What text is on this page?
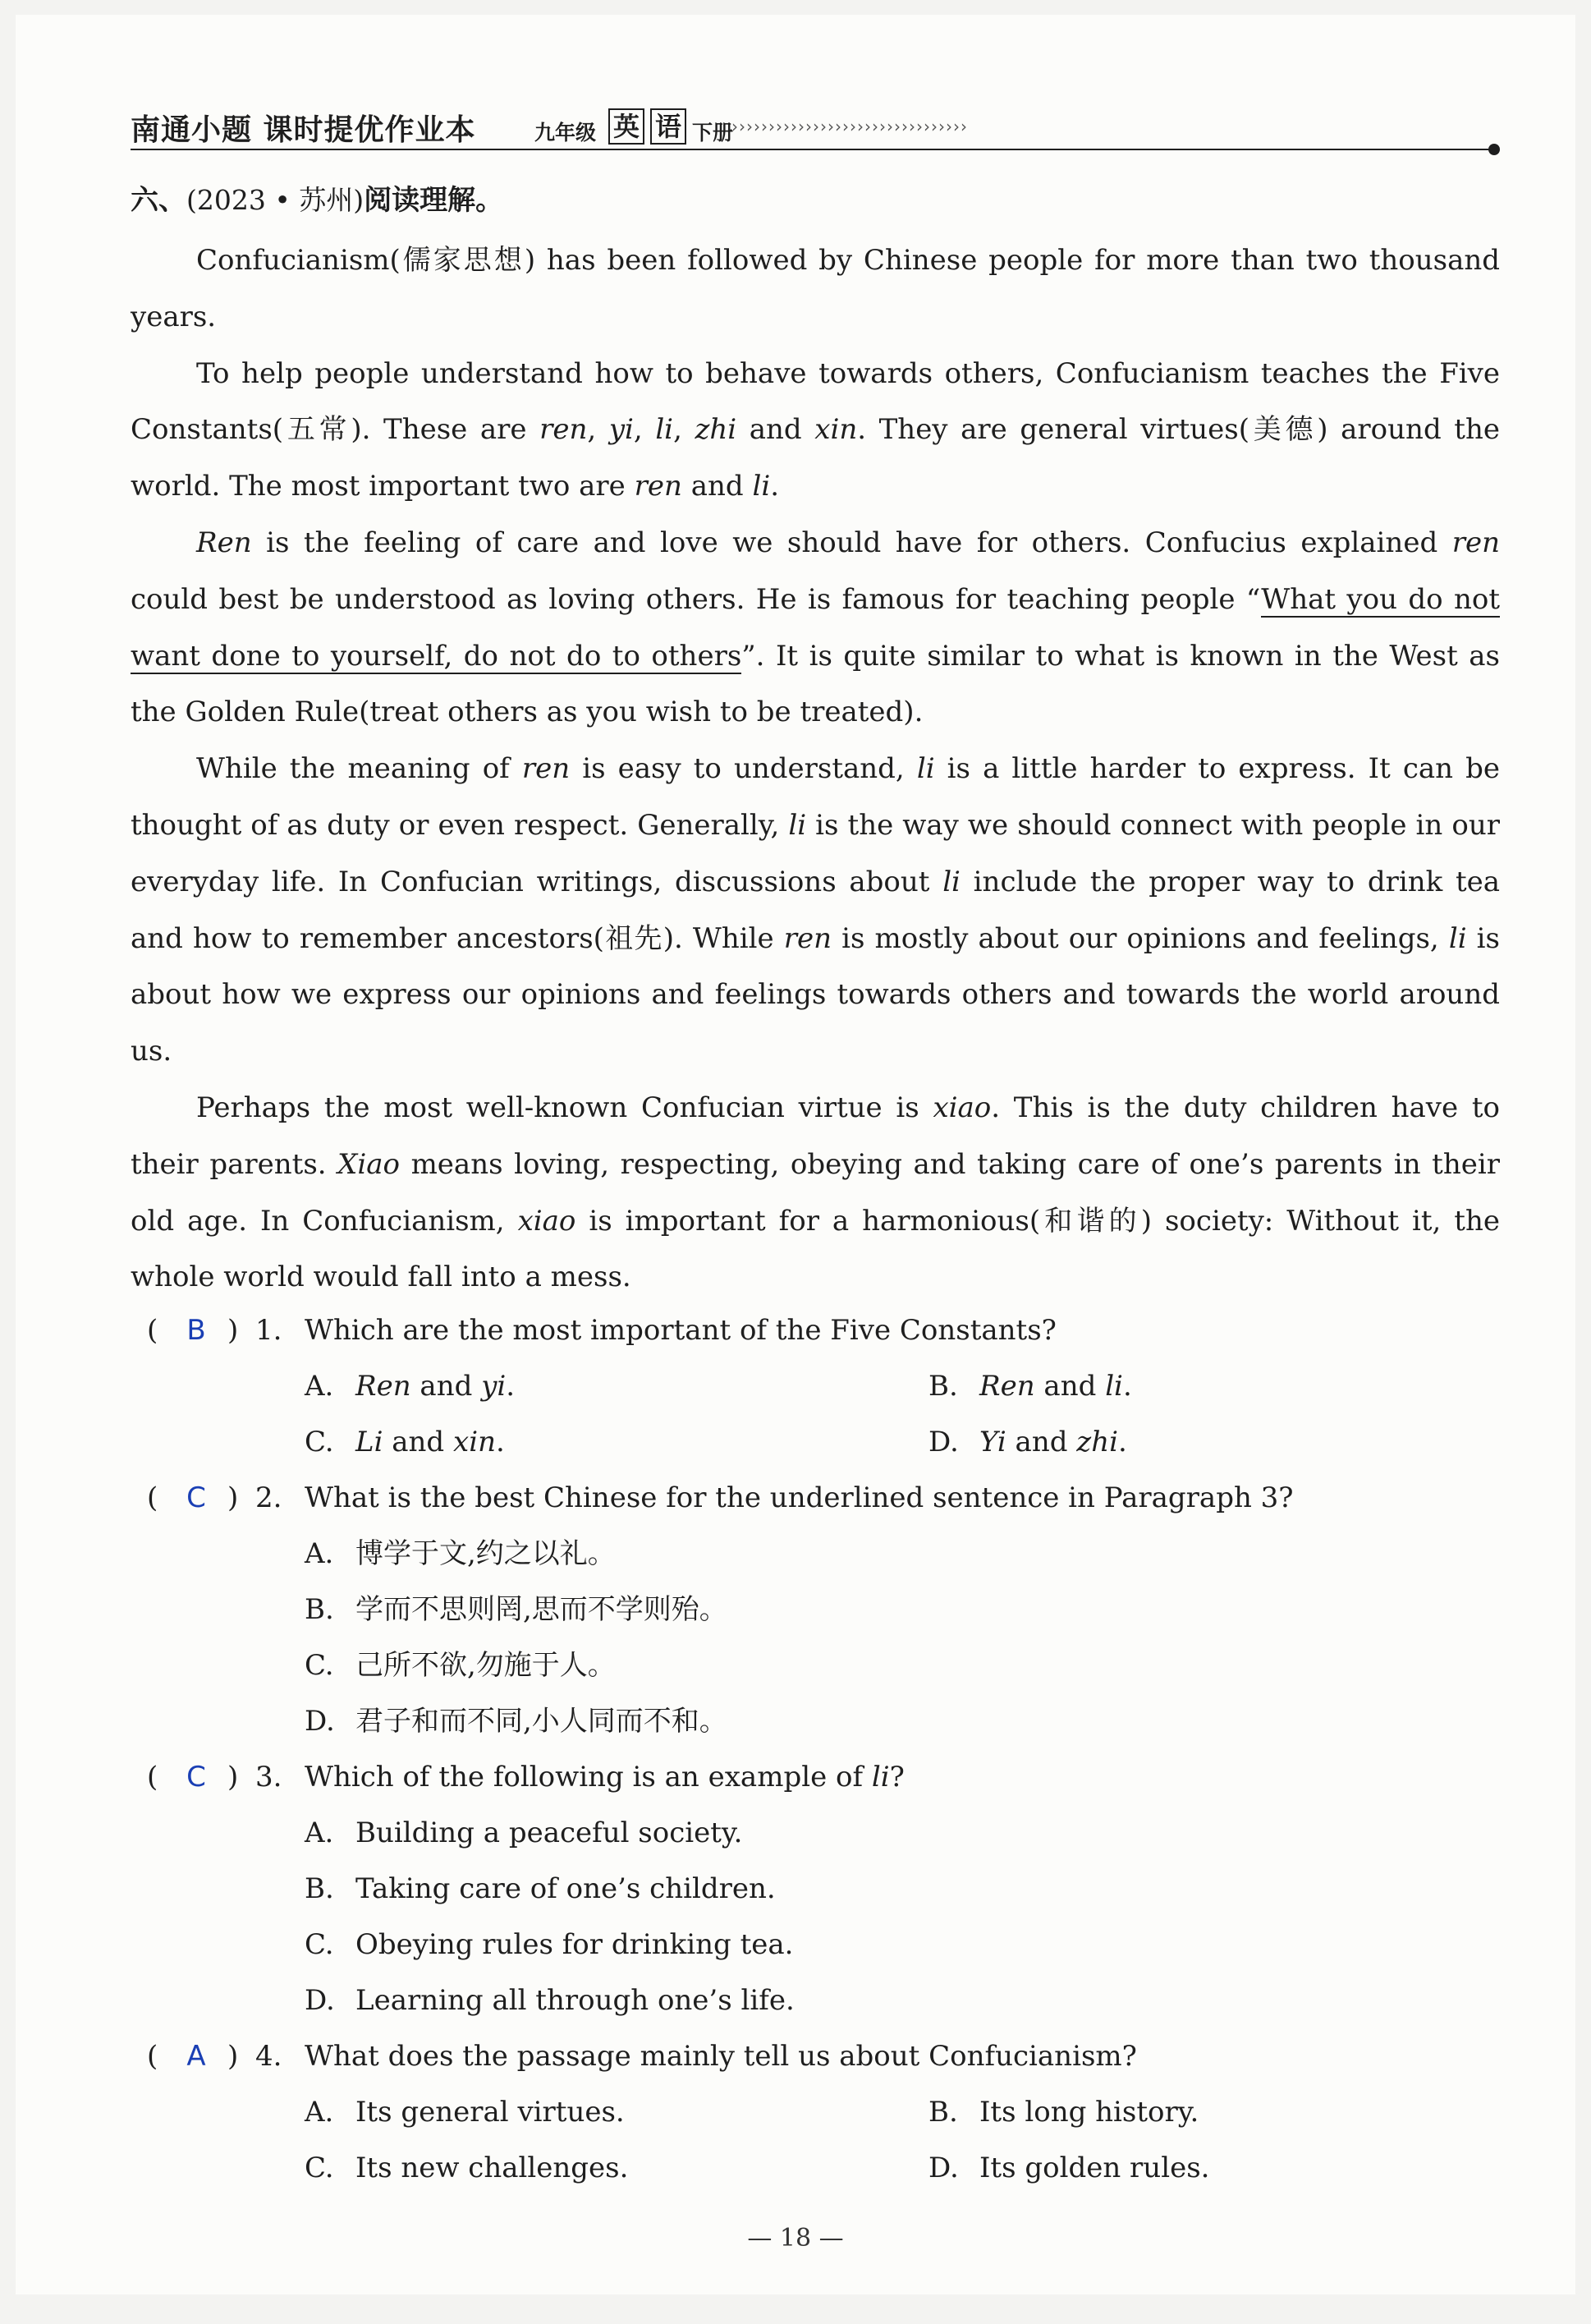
南通小题 课时提优作业本	九年级 英 语 下册
››››››››››››››››››››››››››››››››
六、(2023 • 苏州)阅读理解。

Confucianism(儒家思想) has been followed by Chinese people for more than two thousand years.

To help people understand how to behave towards others, Confucianism teaches the Five Constants(五常). These are ren, yi, li, zhi and xin. They are general virtues(美德) around the world. The most important two are ren and li.

Ren is the feeling of care and love we should have for others. Confucius explained ren could best be understood as loving others. He is famous for teaching people “What you do not want done to yourself, do not do to others”. It is quite similar to what is known in the West as the Golden Rule(treat others as you wish to be treated).

While the meaning of ren is easy to understand, li is a little harder to express. It can be thought of as duty or even respect. Generally, li is the way we should connect with people in our everyday life. In Confucian writings, discussions about li include the proper way to drink tea and how to remember ancestors(祖先). While ren is mostly about our opinions and feelings, li is about how we express our opinions and feelings towards others and towards the world around us.

Perhaps the most well-known Confucian virtue is xiao. This is the duty children have to their parents. Xiao means loving, respecting, obeying and taking care of one’s parents in their old age. In Confucianism, xiao is important for a harmonious(和谐的) society: Without it, the whole world would fall into a mess.

( B ) 1. Which are the most important of the Five Constants?
A. Ren and yi.	B. Ren and li.
C. Li and xin.	D. Yi and zhi.
( C ) 2. What is the best Chinese for the underlined sentence in Paragraph 3?
A. 博学于文,约之以礼。
B. 学而不思则罔,思而不学则殆。
C. 己所不欲,勿施于人。
D. 君子和而不同,小人同而不和。
( C ) 3. Which of the following is an example of li?
A. Building a peaceful society.
B. Taking care of one’s children.
C. Obeying rules for drinking tea.
D. Learning all through one’s life.
( A ) 4. What does the passage mainly tell us about Confucianism?
A. Its general virtues.	B. Its long history.
C. Its new challenges.	D. Its golden rules.
— 18 —
